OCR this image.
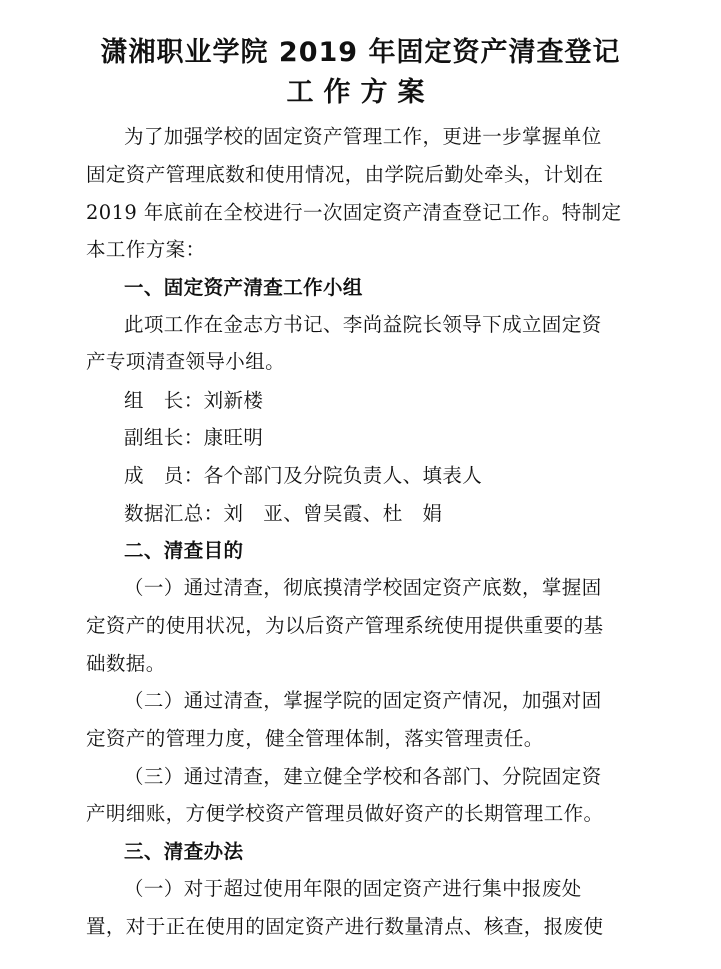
潇湘职业学院 2019 年固定资产清查登记
工作方案
为了加强学校的固定资产管理工作，更进一步掌握单位
固定资产管理底数和使用情况，由学院后勤处牵头，计划在
2019 年底前在全校进行一次固定资产清查登记工作。特制定
本工作方案：
一、固定资产清查工作小组
此项工作在金志方书记、李尚益院长领导下成立固定资
产专项清查领导小组。
组　长：刘新楼
副组长：康旺明
成　员：各个部门及分院负责人、填表人
数据汇总：刘　亚、曾吴霞、杜　娟
二、清查目的
（一）通过清查，彻底摸清学校固定资产底数，掌握固
定资产的使用状况，为以后资产管理系统使用提供重要的基
础数据。
（二）通过清查，掌握学院的固定资产情况，加强对固
定资产的管理力度，健全管理体制，落实管理责任。
（三）通过清查，建立健全学校和各部门、分院固定资
产明细账，方便学校资产管理员做好资产的长期管理工作。
三、清查办法
（一）对于超过使用年限的固定资产进行集中报废处
置，对于正在使用的固定资产进行数量清点、核查，报废使
